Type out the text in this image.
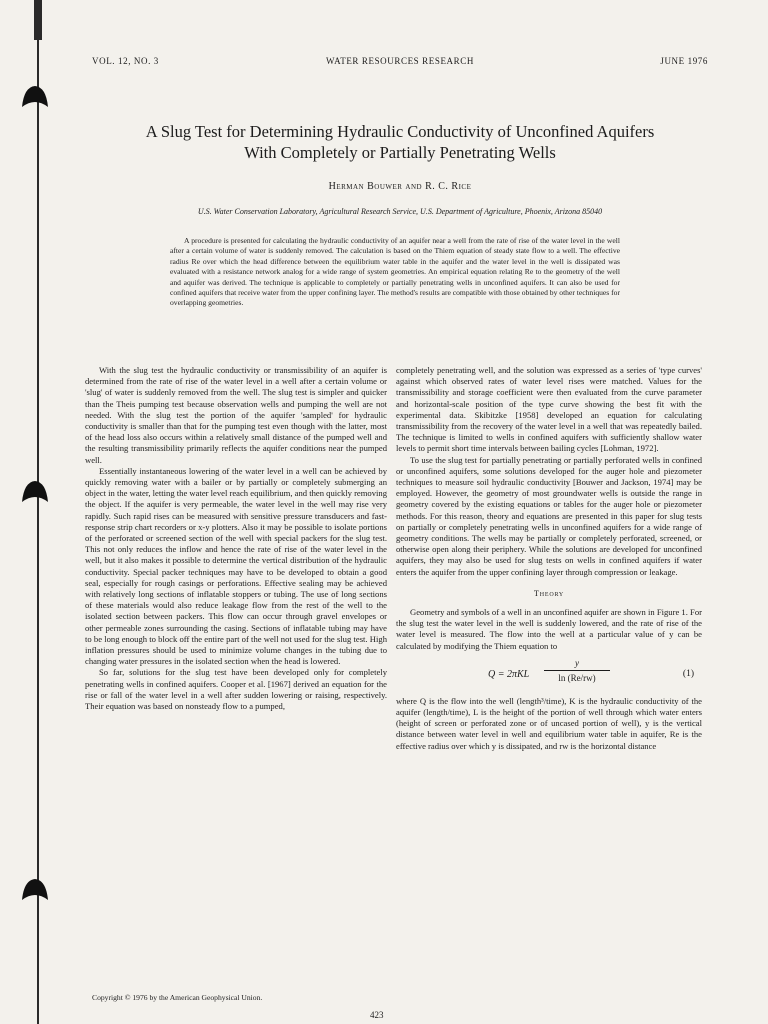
VOL. 12, NO. 3	WATER RESOURCES RESEARCH	JUNE 1976
A Slug Test for Determining Hydraulic Conductivity of Unconfined Aquifers
With Completely or Partially Penetrating Wells
Herman Bouwer and R. C. Rice
U.S. Water Conservation Laboratory, Agricultural Research Service, U.S. Department of Agriculture, Phoenix, Arizona 85040

A procedure is presented for calculating the hydraulic conductivity of an aquifer near a well from the rate of rise of the water level in the well after a certain volume of water is suddenly removed. The calculation is based on the Thiem equation of steady state flow to a well. The effective radius Re over which the head difference between the equilibrium water table in the aquifer and the water level in the well is dissipated was evaluated with a resistance network analog for a wide range of system geometries. An empirical equation relating Re to the geometry of the well and aquifer was derived. The technique is applicable to completely or partially penetrating wells in unconfined aquifers. It can also be used for confined aquifers that receive water from the upper confining layer. The method's results are compatible with those obtained by other techniques for overlapping geometries.

With the slug test the hydraulic conductivity or transmissibility of an aquifer is determined from the rate of rise of the water level in a well after a certain volume or 'slug' of water is suddenly removed from the well. The slug test is simpler and quicker than the Theis pumping test because observation wells and pumping the well are not needed. With the slug test the portion of the aquifer 'sampled' for hydraulic conductivity is smaller than that for the pumping test even though with the latter, most of the head loss also occurs within a relatively small distance of the pumped well and the resulting transmissibility primarily reflects the aquifer conditions near the pumped well.

Essentially instantaneous lowering of the water level in a well can be achieved by quickly removing water with a bailer or by partially or completely submerging an object in the water, letting the water level reach equilibrium, and then quickly removing the object. If the aquifer is very permeable, the water level in the well may rise very rapidly. Such rapid rises can be measured with sensitive pressure transducers and fast-response strip chart recorders or x-y plotters. Also it may be possible to isolate portions of the perforated or screened section of the well with special packers for the slug test. This not only reduces the inflow and hence the rate of rise of the water level in the well, but it also makes it possible to determine the vertical distribution of the hydraulic conductivity. Special packer techniques may have to be developed to obtain a good seal, especially for rough casings or perforations. Effective sealing may be achieved with relatively long sections of inflatable stoppers or tubing. The use of long sections of these materials would also reduce leakage flow from the rest of the well to the isolated section between packers. This flow can occur through gravel envelopes or other permeable zones surrounding the casing. Sections of inflatable tubing may have to be long enough to block off the entire part of the well not used for the slug test. High inflation pressures should be used to minimize volume changes in the tubing due to changing water pressures in the isolated section when the head is lowered.

So far, solutions for the slug test have been developed only for completely penetrating wells in confined aquifers. Cooper et al. [1967] derived an equation for the rise or fall of the water level in a well after sudden lowering or raising, respectively. Their equation was based on nonsteady flow to a pumped,

completely penetrating well, and the solution was expressed as a series of 'type curves' against which observed rates of water level rises were matched. Values for the transmissibility and storage coefficient were then evaluated from the curve parameter and horizontal-scale position of the type curve showing the best fit with the experimental data. Skibitzke [1958] developed an equation for calculating transmissibility from the recovery of the water level in a well that was repeatedly bailed. The technique is limited to wells in confined aquifers with sufficiently shallow water levels to permit short time intervals between bailing cycles [Lohman, 1972].

To use the slug test for partially penetrating or partially perforated wells in confined or unconfined aquifers, some solutions developed for the auger hole and piezometer techniques to measure soil hydraulic conductivity [Bouwer and Jackson, 1974] may be employed. However, the geometry of most groundwater wells is outside the range in geometry covered by the existing equations or tables for the auger hole or piezometer methods. For this reason, theory and equations are presented in this paper for slug tests on partially or completely penetrating wells in unconfined aquifers for a wide range of geometry conditions. The wells may be partially or completely perforated, screened, or otherwise open along their periphery. While the solutions are developed for unconfined aquifers, they may also be used for slug tests on wells in confined aquifers if water enters the aquifer from the upper confining layer through compression or leakage.

Theory

Geometry and symbols of a well in an unconfined aquifer are shown in Figure 1. For the slug test the water level in the well is suddenly lowered, and the rate of rise of the water level is measured. The flow into the well at a particular value of y can be calculated by modifying the Thiem equation to

$Q = 2\pi KL \frac{y}{\ln (Re/rw)}$	(1)

where Q is the flow into the well (length³/time), K is the hydraulic conductivity of the aquifer (length/time), L is the height of the portion of well through which water enters (height of screen or perforated zone or of uncased portion of well), y is the vertical distance between water level in well and equilibrium water table in aquifer, Re is the effective radius over which y is dissipated, and rw is the horizontal distance

Copyright © 1976 by the American Geophysical Union.
423
